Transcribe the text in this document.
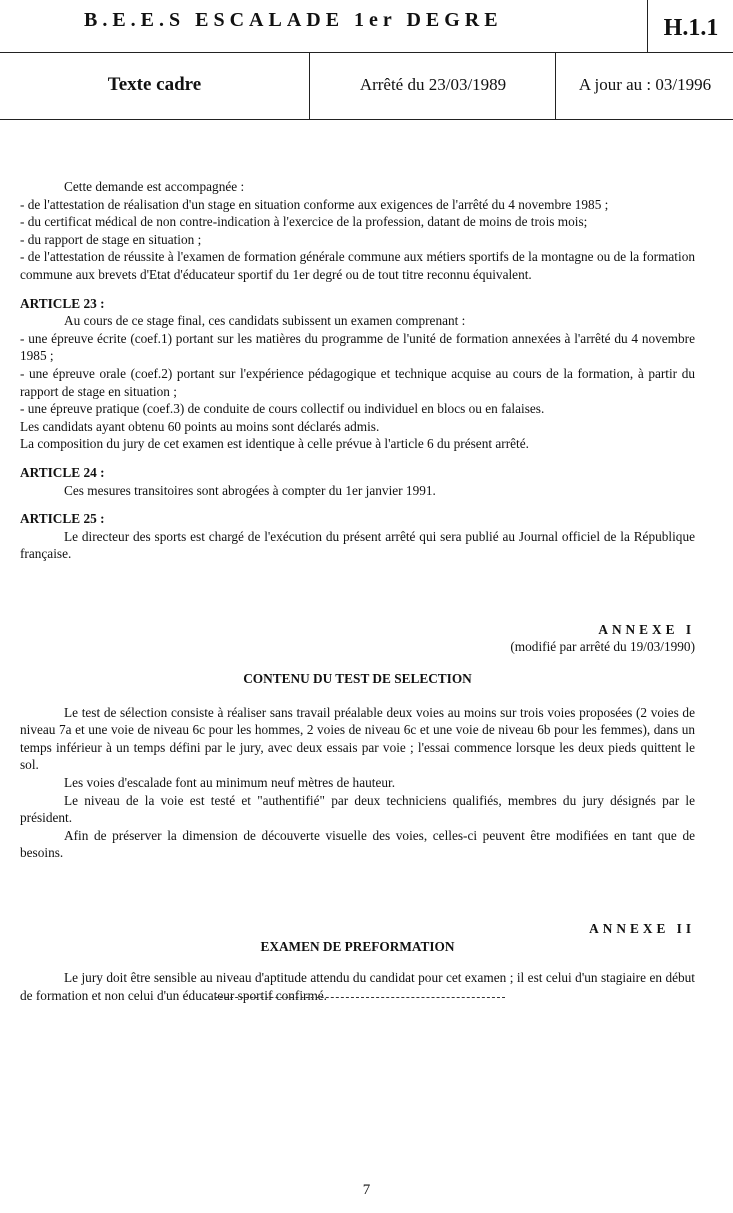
B.E.E.S ESCALADE 1er DEGRE	H.1.1
Texte cadre	Arrêté du 23/03/1989	A jour au : 03/1996

Cette demande est accompagnée :

- de l'attestation de réalisation d'un stage en situation conforme aux exigences de l'arrêté du 4 novembre 1985 ;

- du certificat médical de non contre-indication à l'exercice de la profession, datant de moins de trois mois;

- du rapport de stage en situation ;

- de l'attestation de réussite à l'examen de formation générale commune aux métiers sportifs de la montagne ou de la formation commune aux brevets d'Etat d'éducateur sportif du 1er degré ou de tout titre reconnu équivalent.

ARTICLE 23 :

Au cours de ce stage final, ces candidats subissent un examen comprenant :

- une épreuve écrite (coef.1) portant sur les matières du programme de l'unité de formation annexées à l'arrêté du 4 novembre 1985 ;

- une épreuve orale (coef.2) portant sur l'expérience pédagogique et technique acquise au cours de la formation, à partir du rapport de stage en situation ;

- une épreuve pratique (coef.3) de conduite de cours collectif ou individuel en blocs ou en falaises.

Les candidats ayant obtenu 60 points au moins sont déclarés admis.

La composition du jury de cet examen est identique à celle prévue à l'article 6 du présent arrêté.

ARTICLE 24 :

Ces mesures transitoires sont abrogées à compter du 1er janvier 1991.

ARTICLE 25 :

Le directeur des sports est chargé de l'exécution du présent arrêté qui sera publié au Journal officiel de la République française.

ANNEXE I

(modifié par arrêté du 19/03/1990)

CONTENU DU TEST DE SELECTION

Le test de sélection consiste à réaliser sans travail préalable deux voies au moins sur trois voies proposées (2 voies de niveau 7a et une voie de niveau 6c pour les hommes, 2 voies de niveau 6c et une voie de niveau 6b pour les femmes), dans un temps inférieur à un temps défini par le jury, avec deux essais par voie ; l'essai commence lorsque les deux pieds quittent le sol.

Les voies d'escalade font au minimum neuf mètres de hauteur.

Le niveau de la voie est testé et "authentifié" par deux techniciens qualifiés, membres du jury désignés par le président.

Afin de préserver la dimension de découverte visuelle des voies, celles-ci peuvent être modifiées en tant que de besoins.

ANNEXE II

EXAMEN DE PREFORMATION

Le jury doit être sensible au niveau d'aptitude attendu du candidat pour cet examen ; il est celui d'un stagiaire en début de formation et non celui d'un éducateur sportif confirmé.

7
